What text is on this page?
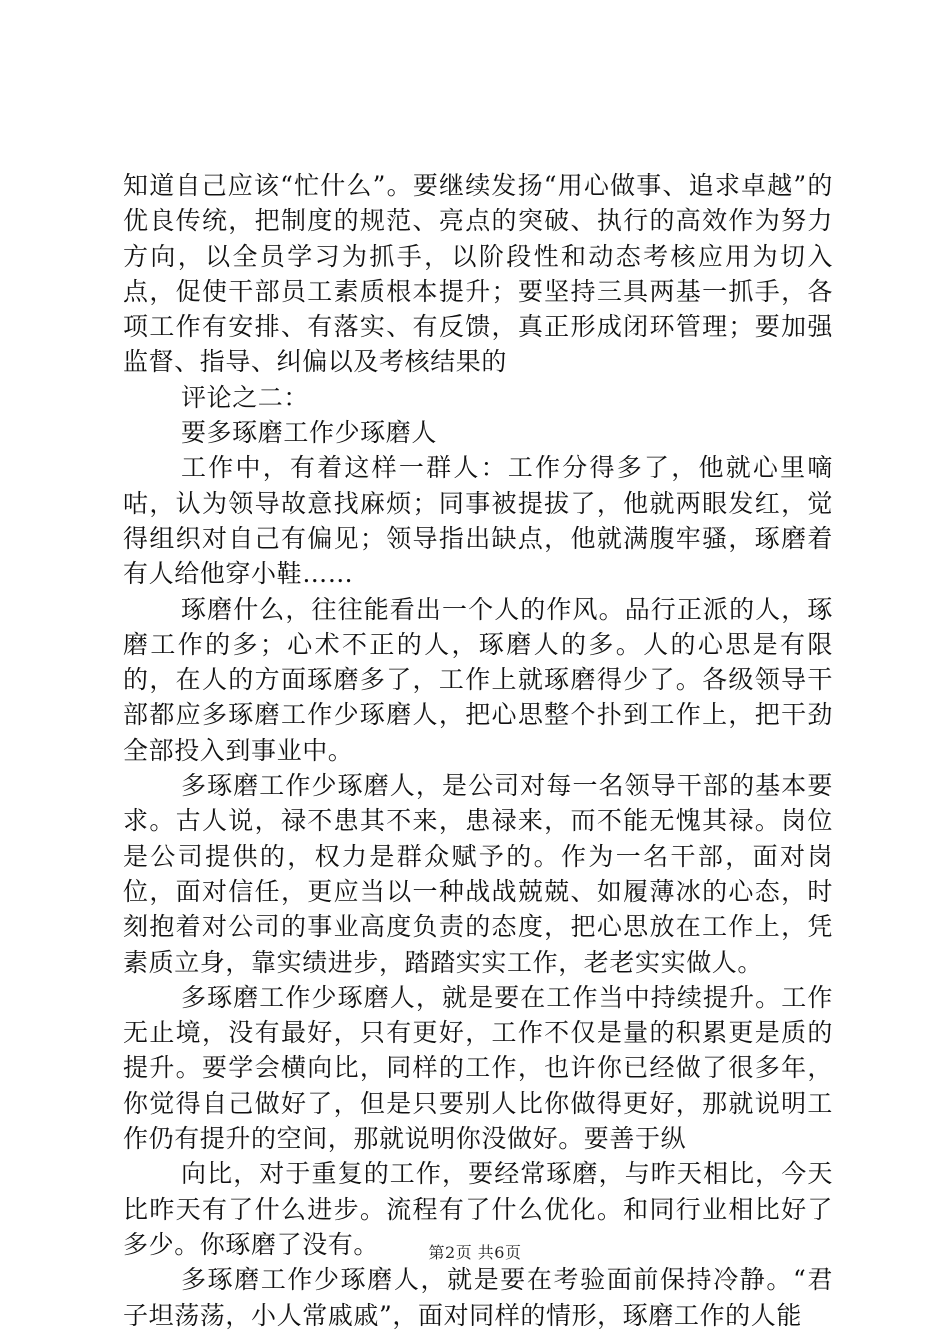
知道自己应该“忙什么”。要继续发扬“用心做事、追求卓越”的优良传统，把制度的规范、亮点的突破、执行的高效作为努力方向，以全员学习为抓手，以阶段性和动态考核应用为切入点，促使干部员工素质根本提升；要坚持三具两基一抓手，各项工作有安排、有落实、有反馈，真正形成闭环管理；要加强监督、指导、纠偏以及考核结果的

评论之二：

要多琢磨工作少琢磨人

工作中，有着这样一群人：工作分得多了，他就心里嘀咕，认为领导故意找麻烦；同事被提拔了，他就两眼发红，觉得组织对自己有偏见；领导指出缺点，他就满腹牢骚，琢磨着有人给他穿小鞋……

琢磨什么，往往能看出一个人的作风。品行正派的人，琢磨工作的多；心术不正的人，琢磨人的多。人的心思是有限的，在人的方面琢磨多了，工作上就琢磨得少了。各级领导干部都应多琢磨工作少琢磨人，把心思整个扑到工作上，把干劲全部投入到事业中。

多琢磨工作少琢磨人，是公司对每一名领导干部的基本要求。古人说，禄不患其不来，患禄来，而不能无愧其禄。岗位是公司提供的，权力是群众赋予的。作为一名干部，面对岗位，面对信任，更应当以一种战战兢兢、如履薄冰的心态，时刻抱着对公司的事业高度负责的态度，把心思放在工作上，凭素质立身，靠实绩进步，踏踏实实工作，老老实实做人。

多琢磨工作少琢磨人，就是要在工作当中持续提升。工作无止境，没有最好，只有更好，工作不仅是量的积累更是质的提升。要学会横向比，同样的工作，也许你已经做了很多年，你觉得自己做好了，但是只要别人比你做得更好，那就说明工作仍有提升的空间，那就说明你没做好。要善于纵

向比，对于重复的工作，要经常琢磨，与昨天相比，今天比昨天有了什么进步。流程有了什么优化。和同行业相比好了多少。你琢磨了没有。

多琢磨工作少琢磨人，就是要在考验面前保持冷静。“君子坦荡荡，小人常戚戚”，面对同样的情形，琢磨工作的人能

第2页 共6页
